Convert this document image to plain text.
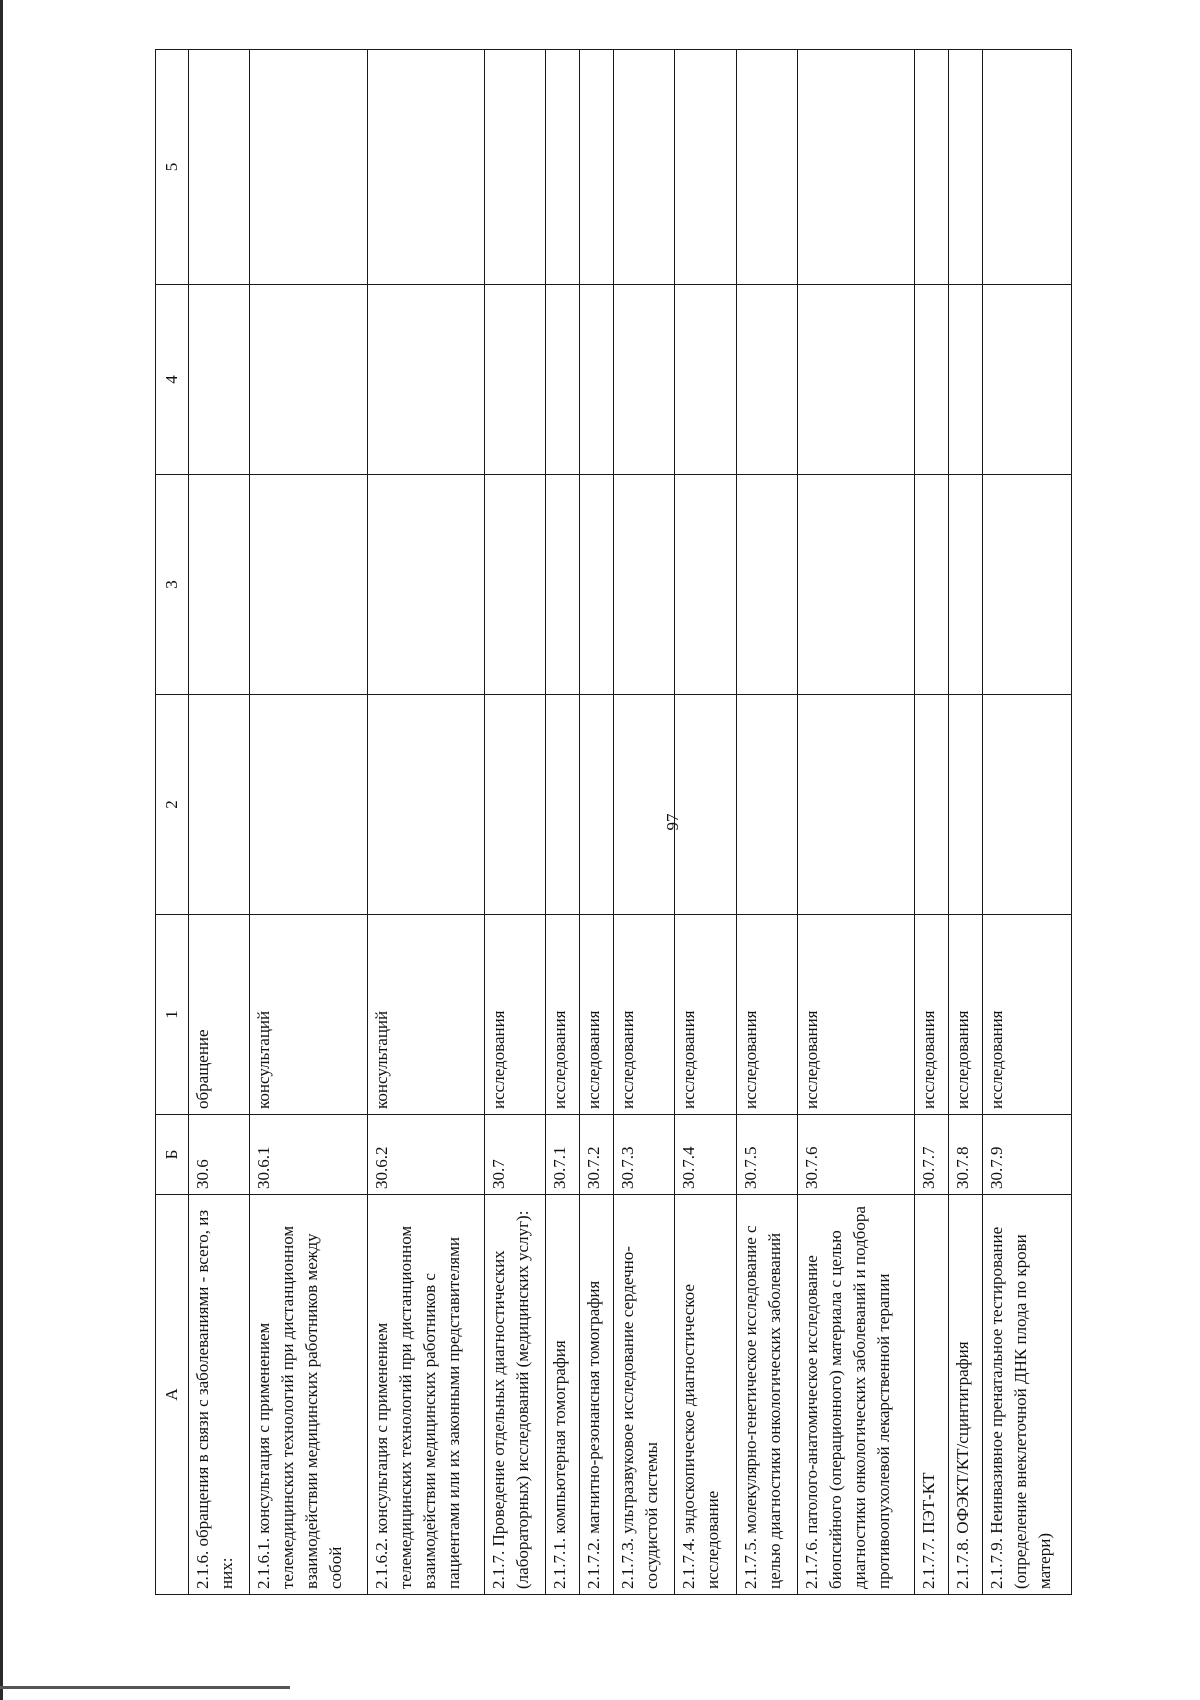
97
А	Б	1	2	3	4	5
2.1.6. обращения в связи с заболеваниями - всего, из них:	30.6	обращение				
2.1.6.1. консультация с применением телемедицинских технологий при дистанционном взаимодействии медицинских работников между собой	30.6.1	консультаций				
2.1.6.2. консультация с применением телемедицинских технологий при дистанционном взаимодействии медицинских работников с пациентами или их законными представителями	30.6.2	консультаций				
2.1.7. Проведение отдельных диагностических (лабораторных) исследований (медицинских услуг):	30.7	исследования				
2.1.7.1. компьютерная томография	30.7.1	исследования				
2.1.7.2. магнитно-резонансная томография	30.7.2	исследования				
2.1.7.3. ультразвуковое исследование сердечно-сосудистой системы	30.7.3	исследования				
2.1.7.4. эндоскопическое диагностическое исследование	30.7.4	исследования				
2.1.7.5. молекулярно-генетическое исследование с целью диагностики онкологических заболеваний	30.7.5	исследования				
2.1.7.6. патолого-анатомическое исследование биопсийного (операционного) материала с целью диагностики онкологических заболеваний и подбора противоопухолевой лекарственной терапии	30.7.6	исследования				
2.1.7.7. ПЭТ-КТ	30.7.7	исследования				
2.1.7.8. ОФЭКТ/КТ/сцинтиграфия	30.7.8	исследования				
2.1.7.9. Неинвазивное пренатальное тестирование (определение внеклеточной ДНК плода по крови матери)	30.7.9	исследования				
